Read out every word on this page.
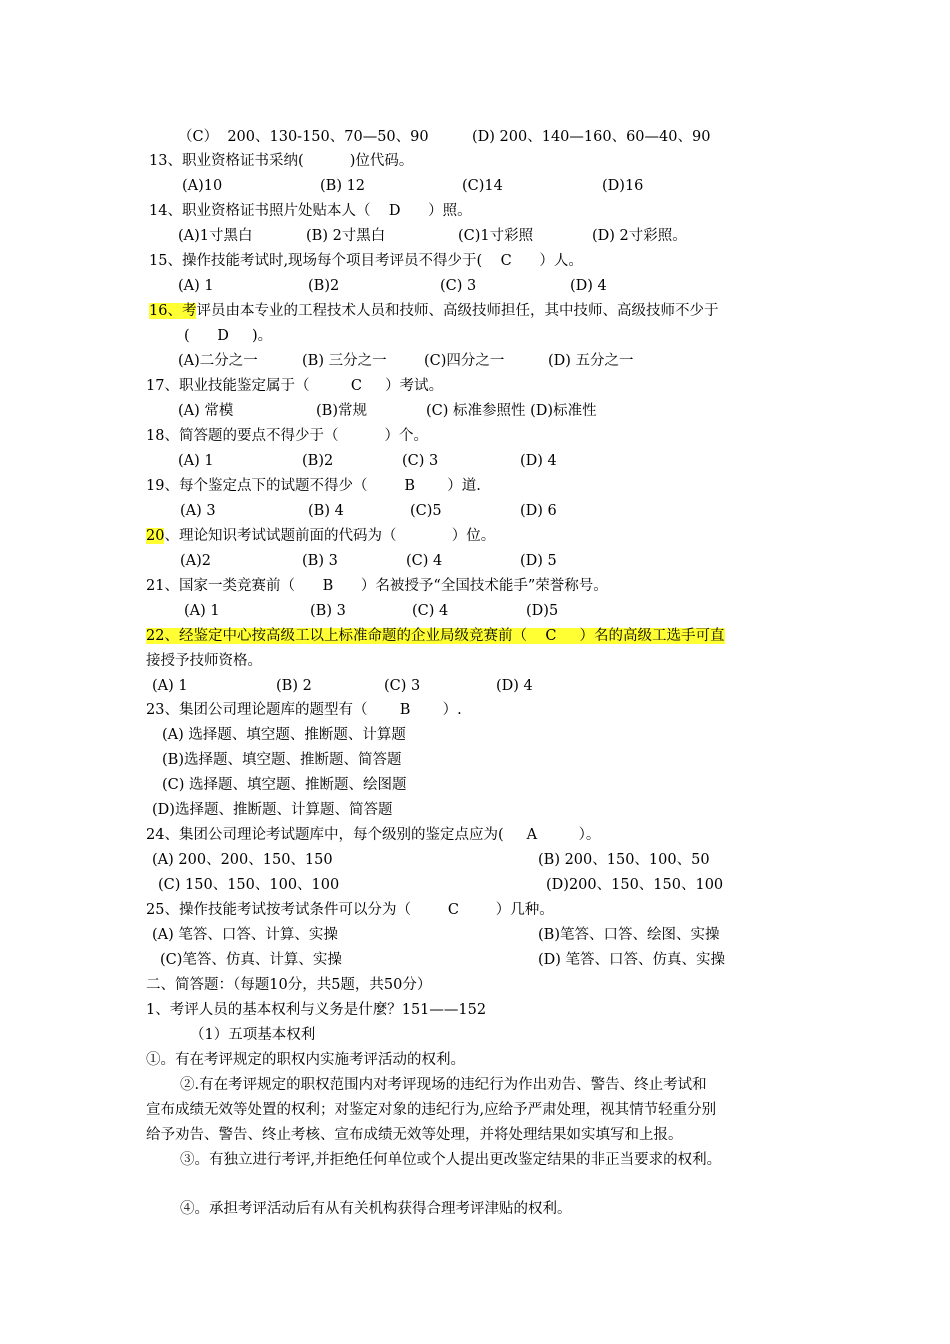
（C）  200、130-150、70—50、90	(D) 200、140—160、60—40、90
13、职业资格证书采纳(          )位代码。
(A)10	(B) 12	(C)14	(D)16
14、职业资格证书照片处贴本人（    D      ）照。
(A)1寸黑白	(B) 2寸黑白	(C)1寸彩照	(D) 2寸彩照。
15、操作技能考试时,现场每个项目考评员不得少于(    C      ）人。
(A) 1	(B)2	(C) 3	(D) 4
16、考评员由本专业的工程技术人员和技师、高级技师担任，其中技师、高级技师不少于
(      D     )。
(A)二分之一	(B) 三分之一	(C)四分之一	(D) 五分之一
17、职业技能鉴定属于（         C     ）考试。
(A) 常模	(B)常规	(C) 标准参照性 (D)标准性
18、简答题的要点不得少于（          ）个。
(A) 1	(B)2	(C) 3	(D) 4
19、每个鉴定点下的试题不得少（        B       ）道.
(A) 3	(B) 4	(C)5	(D) 6
20、理论知识考试试题前面的代码为（            ）位。
(A)2	(B) 3	(C) 4	(D) 5
21、国家一类竞赛前（      B      ）名被授予“全国技术能手”荣誉称号。
(A) 1	(B) 3	(C) 4	(D)5
22、经鉴定中心按高级工以上标准命题的企业局级竞赛前（    C     ）名的高级工选手可直
接授予技师资格。
(A) 1	(B) 2	(C) 3	(D) 4
23、集团公司理论题库的题型有（       B       ）.
(A) 选择题、填空题、推断题、计算题
(B)选择题、填空题、推断题、简答题
(C) 选择题、填空题、推断题、绘图题
(D)选择题、推断题、计算题、简答题
24、集团公司理论考试题库中，每个级别的鉴定点应为(     A         ）。
(A) 200、200、150、150	(B) 200、150、100、50
(C) 150、150、100、100	(D)200、150、150、100
25、操作技能考试按考试条件可以分为（        C        ）几种。
(A) 笔答、口答、计算、实操	(B)笔答、口答、绘图、实操
(C)笔答、仿真、计算、实操	(D) 笔答、口答、仿真、实操
二、简答题：（每题10分，共5题，共50分）
1、考评人员的基本权利与义务是什麼？151——152
（1）五项基本权利
①。有在考评规定的职权内实施考评活动的权利。
②.有在考评规定的职权范围内对考评现场的违纪行为作出劝告、警告、终止考试和
宣布成绩无效等处置的权利；对鉴定对象的违纪行为,应给予严肃处理，视其情节轻重分别
给予劝告、警告、终止考核、宣布成绩无效等处理，并将处理结果如实填写和上报。
③。有独立进行考评,并拒绝任何单位或个人提出更改鉴定结果的非正当要求的权利。
④。承担考评活动后有从有关机构获得合理考评津贴的权利。
